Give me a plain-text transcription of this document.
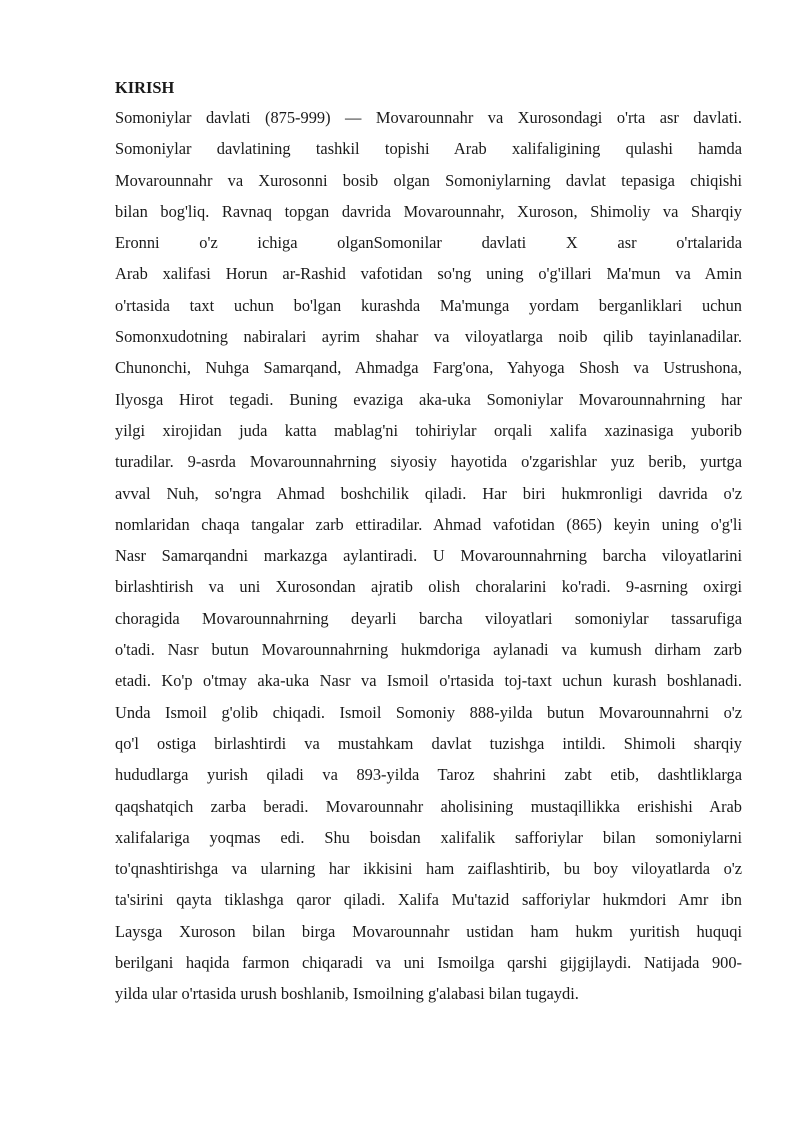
KIRISH
Somoniylar davlati (875-999) — Movarounnahr va Xurosondagi o'rta asr davlati.
Somoniylar davlatining tashkil topishi Arab xalifaligining qulashi hamda
Movarounnahr va Xurosonni bosib olgan Somoniylarning davlat tepasiga chiqishi
bilan bog'liq. Ravnaq topgan davrida Movarounnahr, Xuroson, Shimoliy va Sharqiy
Eronni o'z ichiga olganSomonilar davlati X asr o'rtalarida
Arab xalifasi Horun ar-Rashid vafotidan so'ng uning o'g'illari Ma'mun va Amin
o'rtasida taxt uchun bo'lgan kurashda Ma'munga yordam berganliklari uchun
Somonxudotning nabiralari ayrim shahar va viloyatlarga noib qilib tayinlanadilar.
Chunonchi, Nuhga Samarqand, Ahmadga Farg'ona, Yahyoga Shosh va Ustrushona,
Ilyosga Hirot tegadi. Buning evaziga aka-uka Somoniylar Movarounnahrning har
yilgi xirojidan juda katta mablag'ni tohiriylar orqali xalifa xazinasiga yuborib
turadilar. 9-asrda Movarounnahrning siyosiy hayotida o'zgarishlar yuz berib, yurtga
avval Nuh, so'ngra Ahmad boshchilik qiladi. Har biri hukmronligi davrida o'z
nomlaridan chaqa tangalar zarb ettiradilar. Ahmad vafotidan (865) keyin uning o'g'li
Nasr Samarqandni markazga aylantiradi. U Movarounnahrning barcha viloyatlarini
birlashtirish va uni Xurosondan ajratib olish choralarini ko'radi. 9-asrning oxirgi
choragida Movarounnahrning deyarli barcha viloyatlari somoniylar tassarufiga
o'tadi. Nasr butun Movarounnahrning hukmdoriga aylanadi va kumush dirham zarb
etadi. Ko'p o'tmay aka-uka Nasr va Ismoil o'rtasida toj-taxt uchun kurash boshlanadi.
Unda Ismoil g'olib chiqadi. Ismoil Somoniy 888-yilda butun Movarounnahrni o'z
qo'l ostiga birlashtirdi va mustahkam davlat tuzishga intildi. Shimoli sharqiy
hududlarga yurish qiladi va 893-yilda Taroz shahrini zabt etib, dashtliklarga
qaqshatqich zarba beradi. Movarounnahr aholisining mustaqillikka erishishi Arab
xalifalariga yoqmas edi. Shu boisdan xalifalik safforiylar bilan somoniylarni
to'qnashtirishga va ularning har ikkisini ham zaiflashtirib, bu boy viloyatlarda o'z
ta'sirini qayta tiklashga qaror qiladi. Xalifa Mu'tazid safforiylar hukmdori Amr ibn
Laysga Xuroson bilan birga Movarounnahr ustidan ham hukm yuritish huquqi
berilgani haqida farmon chiqaradi va uni Ismoilga qarshi gijgijlaydi. Natijada 900-
yilda ular o'rtasida urush boshlanib, Ismoilning g'alabasi bilan tugaydi.
